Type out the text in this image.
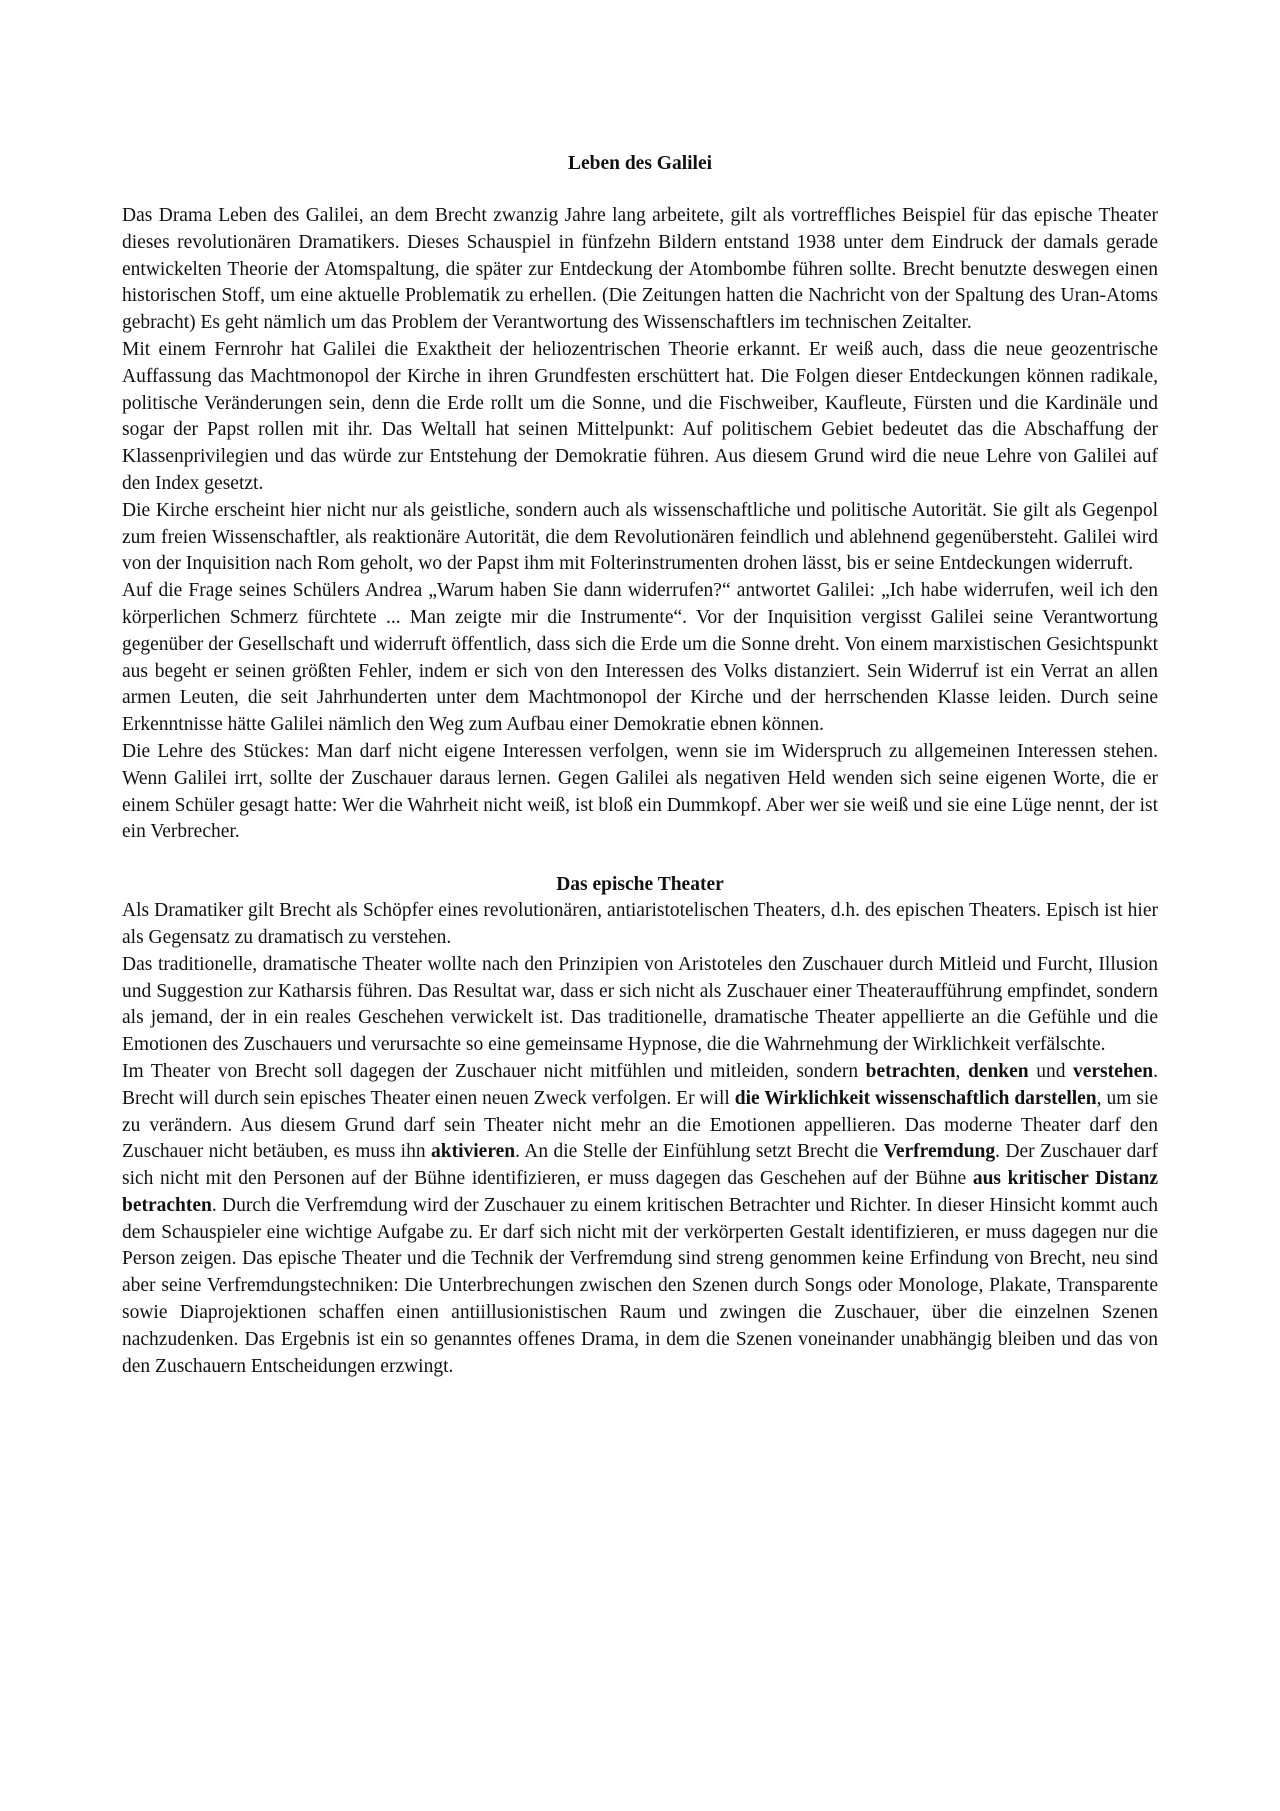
Leben des Galilei

Das Drama Leben des Galilei, an dem Brecht zwanzig Jahre lang arbeitete, gilt als vortreffliches Beispiel für das epische Theater dieses revolutionären Dramatikers. Dieses Schauspiel in fünfzehn Bildern entstand 1938 unter dem Eindruck der damals gerade entwickelten Theorie der Atomspaltung, die später zur Entdeckung der Atombombe führen sollte. Brecht benutzte deswegen einen historischen Stoff, um eine aktuelle Problematik zu erhellen. (Die Zeitungen hatten die Nachricht von der Spaltung des Uran-Atoms gebracht) Es geht nämlich um das Problem der Verantwortung des Wissenschaftlers im technischen Zeitalter.

Mit einem Fernrohr hat Galilei die Exaktheit der heliozentrischen Theorie erkannt. Er weiß auch, dass die neue geozentrische Auffassung das Machtmonopol der Kirche in ihren Grundfesten erschüttert hat. Die Folgen dieser Entdeckungen können radikale, politische Veränderungen sein, denn die Erde rollt um die Sonne, und die Fischweiber, Kaufleute, Fürsten und die Kardinäle und sogar der Papst rollen mit ihr. Das Weltall hat seinen Mittelpunkt: Auf politischem Gebiet bedeutet das die Abschaffung der Klassenprivilegien und das würde zur Entstehung der Demokratie führen. Aus diesem Grund wird die neue Lehre von Galilei auf den Index gesetzt.

Die Kirche erscheint hier nicht nur als geistliche, sondern auch als wissenschaftliche und politische Autorität. Sie gilt als Gegenpol zum freien Wissenschaftler, als reaktionäre Autorität, die dem Revolutionären feindlich und ablehnend gegenübersteht. Galilei wird von der Inquisition nach Rom geholt, wo der Papst ihm mit Folterinstrumenten drohen lässt, bis er seine Entdeckungen widerruft.

Auf die Frage seines Schülers Andrea „Warum haben Sie dann widerrufen?“ antwortet Galilei: „Ich habe widerrufen, weil ich den körperlichen Schmerz fürchtete ... Man zeigte mir die Instrumente“. Vor der Inquisition vergisst Galilei seine Verantwortung gegenüber der Gesellschaft und widerruft öffentlich, dass sich die Erde um die Sonne dreht. Von einem marxistischen Gesichtspunkt aus begeht er seinen größten Fehler, indem er sich von den Interessen des Volks distanziert. Sein Widerruf ist ein Verrat an allen armen Leuten, die seit Jahrhunderten unter dem Machtmonopol der Kirche und der herrschenden Klasse leiden. Durch seine Erkenntnisse hätte Galilei nämlich den Weg zum Aufbau einer Demokratie ebnen können.

Die Lehre des Stückes: Man darf nicht eigene Interessen verfolgen, wenn sie im Widerspruch zu allgemeinen Interessen stehen. Wenn Galilei irrt, sollte der Zuschauer daraus lernen. Gegen Galilei als negativen Held wenden sich seine eigenen Worte, die er einem Schüler gesagt hatte: Wer die Wahrheit nicht weiß, ist bloß ein Dummkopf. Aber wer sie weiß und sie eine Lüge nennt, der ist ein Verbrecher.

Das epische Theater

Als Dramatiker gilt Brecht als Schöpfer eines revolutionären, antiaristotelischen Theaters, d.h. des epischen Theaters. Episch ist hier als Gegensatz zu dramatisch zu verstehen.

Das traditionelle, dramatische Theater wollte nach den Prinzipien von Aristoteles den Zuschauer durch Mitleid und Furcht, Illusion und Suggestion zur Katharsis führen. Das Resultat war, dass er sich nicht als Zuschauer einer Theateraufführung empfindet, sondern als jemand, der in ein reales Geschehen verwickelt ist. Das traditionelle, dramatische Theater appellierte an die Gefühle und die Emotionen des Zuschauers und verursachte so eine gemeinsame Hypnose, die die Wahrnehmung der Wirklichkeit verfälschte.

Im Theater von Brecht soll dagegen der Zuschauer nicht mitfühlen und mitleiden, sondern betrachten, denken und verstehen. Brecht will durch sein episches Theater einen neuen Zweck verfolgen. Er will die Wirklichkeit wissenschaftlich darstellen, um sie zu verändern. Aus diesem Grund darf sein Theater nicht mehr an die Emotionen appellieren. Das moderne Theater darf den Zuschauer nicht betäuben, es muss ihn aktivieren. An die Stelle der Einfühlung setzt Brecht die Verfremdung. Der Zuschauer darf sich nicht mit den Personen auf der Bühne identifizieren, er muss dagegen das Geschehen auf der Bühne aus kritischer Distanz betrachten. Durch die Verfremdung wird der Zuschauer zu einem kritischen Betrachter und Richter. In dieser Hinsicht kommt auch dem Schauspieler eine wichtige Aufgabe zu. Er darf sich nicht mit der verkörperten Gestalt identifizieren, er muss dagegen nur die Person zeigen. Das epische Theater und die Technik der Verfremdung sind streng genommen keine Erfindung von Brecht, neu sind aber seine Verfremdungstechniken: Die Unterbrechungen zwischen den Szenen durch Songs oder Monologe, Plakate, Transparente sowie Diaprojektionen schaffen einen antiillusionistischen Raum und zwingen die Zuschauer, über die einzelnen Szenen nachzudenken. Das Ergebnis ist ein so genanntes offenes Drama, in dem die Szenen voneinander unabhängig bleiben und das von den Zuschauern Entscheidungen erzwingt.
